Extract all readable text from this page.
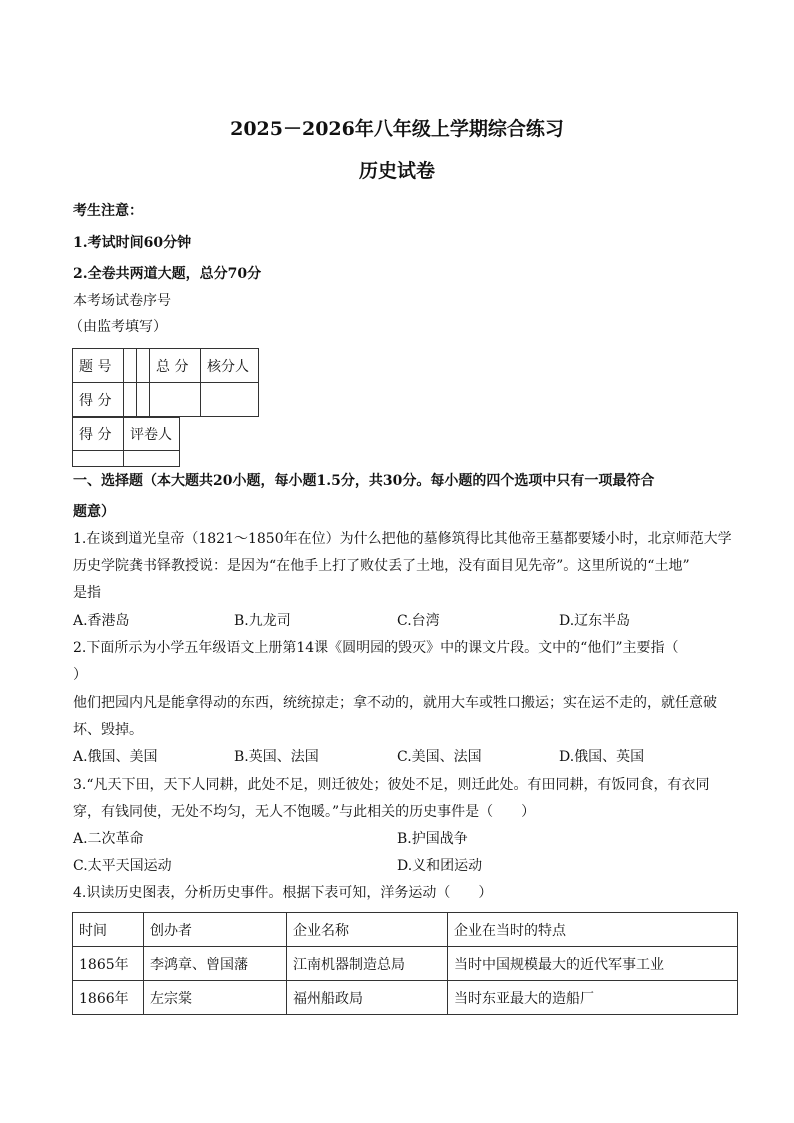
2025－2026年八年级上学期综合练习
历史试卷
考生注意：
1.考试时间60分钟
2.全卷共两道大题，总分70分
本考场试卷序号
（由监考填写）
题 号			总 分	核分人
得 分				
得 分	评卷人

一、选择题（本大题共20小题，每小题1.5分，共30分。每小题的四个选项中只有一项最符合
题意）
1.在谈到道光皇帝（1821～1850年在位）为什么把他的墓修筑得比其他帝王墓都要矮小时，北京师范大学
历史学院龚书铎教授说：是因为“在他手上打了败仗丢了土地，没有面目见先帝”。这里所说的“土地”
是指
A.香港岛	B.九龙司	C.台湾	D.辽东半岛
2.下面所示为小学五年级语文上册第14课《圆明园的毁灭》中的课文片段。文中的“他们”主要指（
）
他们把园内凡是能拿得动的东西，统统掠走；拿不动的，就用大车或牲口搬运；实在运不走的，就任意破
坏、毁掉。
A.俄国、美国	B.英国、法国	C.美国、法国	D.俄国、英国
3.“凡天下田，天下人同耕，此处不足，则迁彼处；彼处不足，则迁此处。有田同耕，有饭同食，有衣同
穿，有钱同使，无处不均匀，无人不饱暖。”与此相关的历史事件是（　　）
A.二次革命	B.护国战争
C.太平天国运动	D.义和团运动
4.识读历史图表，分析历史事件。根据下表可知，洋务运动（　　）
时间	创办者	企业名称	企业在当时的特点
1865年	李鸿章、曾国藩	江南机器制造总局	当时中国规模最大的近代军事工业
1866年	左宗棠	福州船政局	当时东亚最大的造船厂
